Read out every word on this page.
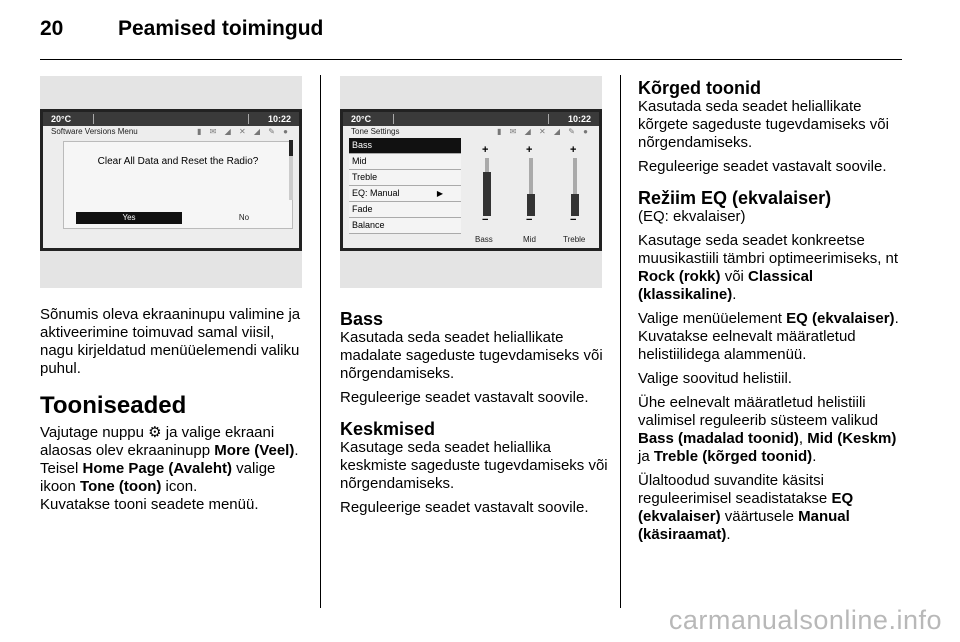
20	Peamised toimingud
20°C	10:22
Software Versions Menu	▮ ✉ ◢ ✕ ◢ ✎ ●
Clear All Data and Reset the Radio?
Yes	No
20°C	10:22
Tone Settings	▮ ✉ ◢ ✕ ◢ ✎ ●
Bass
Mid
Treble
EQ: Manual	▶
Fade
Balance
+
−
+
−
+
−
Bass	Mid	Treble

Sõnumis oleva ekraaninupu valimine ja aktiveerimine toimuvad samal viisil, nagu kirjeldatud menüüelemendi valiku puhul.

Tooniseaded

Vajutage nuppu ⚙ ja valige ekraani alaosas olev ekraaninupp More (Veel). Teisel Home Page (Avaleht) valige ikoon Tone (toon) icon.
Kuvatakse tooni seadete menüü.

Bass

Kasutada seda seadet heliallikate madalate sageduste tugevdamiseks või nõrgendamiseks.

Reguleerige seadet vastavalt soovile.

Keskmised

Kasutage seda seadet heliallika keskmiste sageduste tugevdamiseks või nõrgendamiseks.

Reguleerige seadet vastavalt soovile.

Kõrged toonid

Kasutada seda seadet heliallikate kõrgete sageduste tugevdamiseks või nõrgendamiseks.

Reguleerige seadet vastavalt soovile.

Režiim EQ (ekvalaiser)

(EQ: ekvalaiser)

Kasutage seda seadet konkreetse muusikastiili tämbri optimeerimiseks, nt Rock (rokk) või Classical (klassikaline).

Valige menüüelement EQ (ekvalaiser). Kuvatakse eelnevalt määratletud helistiilidega alammenüü.

Valige soovitud helistiil.

Ühe eelnevalt määratletud helistiili valimisel reguleerib süsteem valikud Bass (madalad toonid), Mid (Keskm) ja Treble (kõrged toonid).

Ülaltoodud suvandite käsitsi reguleerimisel seadistatakse EQ (ekvalaiser) väärtusele Manual (käsiraamat).

carmanualsonline.info
